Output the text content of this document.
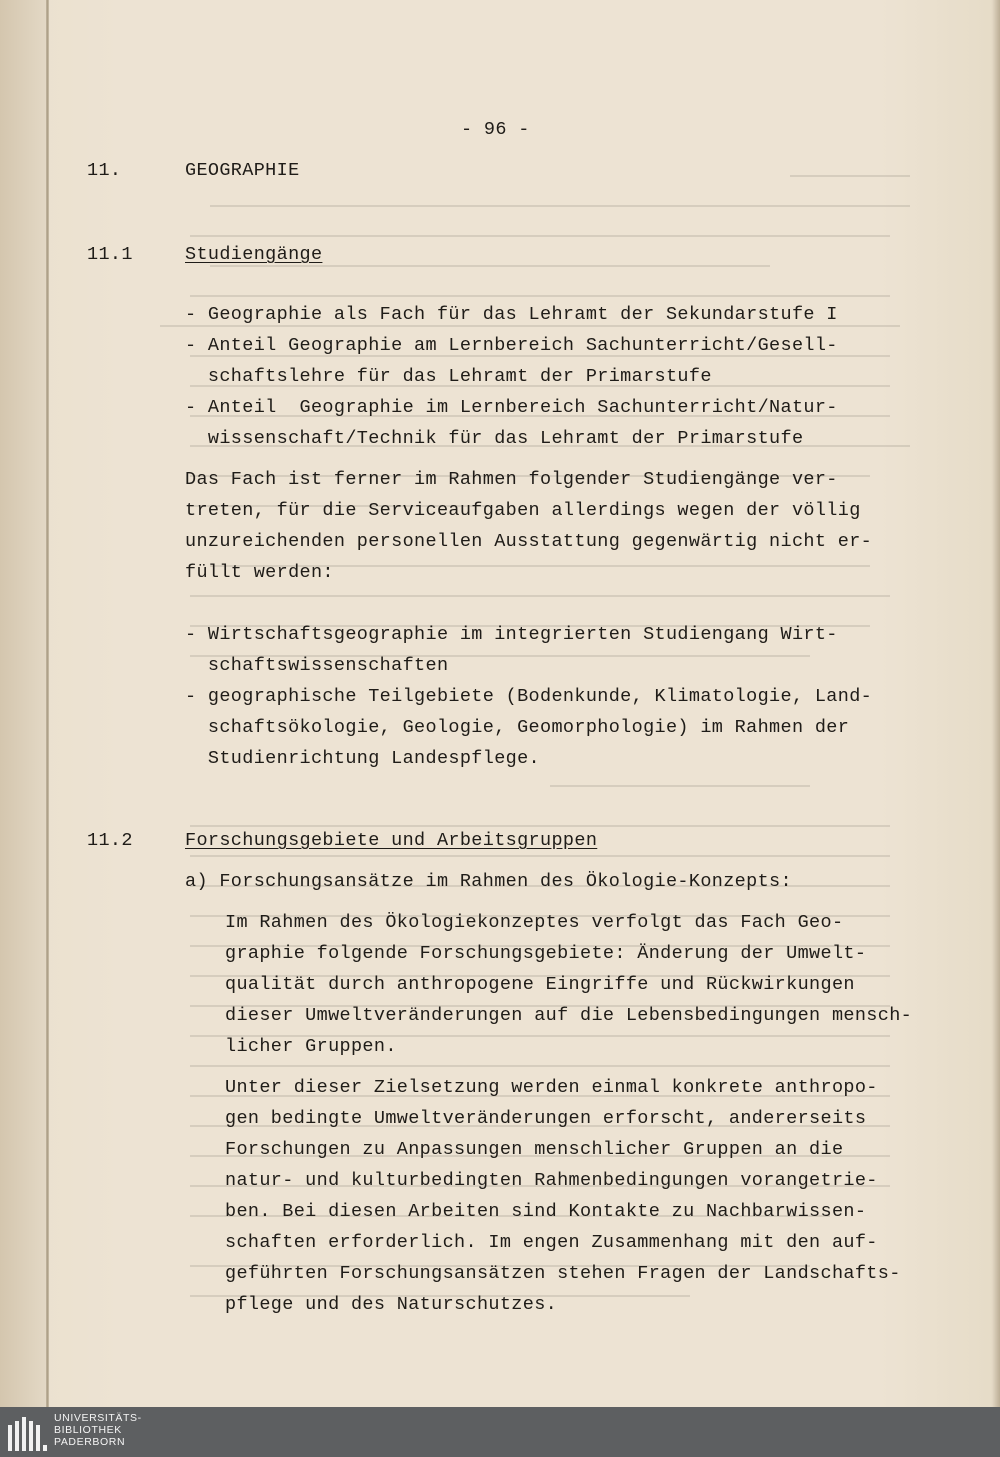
- 96 -
11.	GEOGRAPHIE
11.1	Studiengänge
- Geographie als Fach für das Lehramt der Sekundarstufe I
- Anteil Geographie am Lernbereich Sachunterricht/Gesell-
schaftslehre für das Lehramt der Primarstufe
- Anteil  Geographie im Lernbereich Sachunterricht/Natur-
wissenschaft/Technik für das Lehramt der Primarstufe
Das Fach ist ferner im Rahmen folgender Studiengänge ver-
treten, für die Serviceaufgaben allerdings wegen der völlig
unzureichenden personellen Ausstattung gegenwärtig nicht er-
füllt werden:
- Wirtschaftsgeographie im integrierten Studiengang Wirt-
schaftswissenschaften
- geographische Teilgebiete (Bodenkunde, Klimatologie, Land-
schaftsökologie, Geologie, Geomorphologie) im Rahmen der
Studienrichtung Landespflege.
11.2	Forschungsgebiete und Arbeitsgruppen
a) Forschungsansätze im Rahmen des Ökologie-Konzepts:
Im Rahmen des Ökologiekonzeptes verfolgt das Fach Geo-
graphie folgende Forschungsgebiete: Änderung der Umwelt-
qualität durch anthropogene Eingriffe und Rückwirkungen
dieser Umweltveränderungen auf die Lebensbedingungen mensch-
licher Gruppen.
Unter dieser Zielsetzung werden einmal konkrete anthropo-
gen bedingte Umweltveränderungen erforscht, andererseits
Forschungen zu Anpassungen menschlicher Gruppen an die
natur- und kulturbedingten Rahmenbedingungen vorangetrie-
ben. Bei diesen Arbeiten sind Kontakte zu Nachbarwissen-
schaften erforderlich. Im engen Zusammenhang mit den auf-
geführten Forschungsansätzen stehen Fragen der Landschafts-
pflege und des Naturschutzes.
UNIVERSITÄTS-
BIBLIOTHEK
PADERBORN
